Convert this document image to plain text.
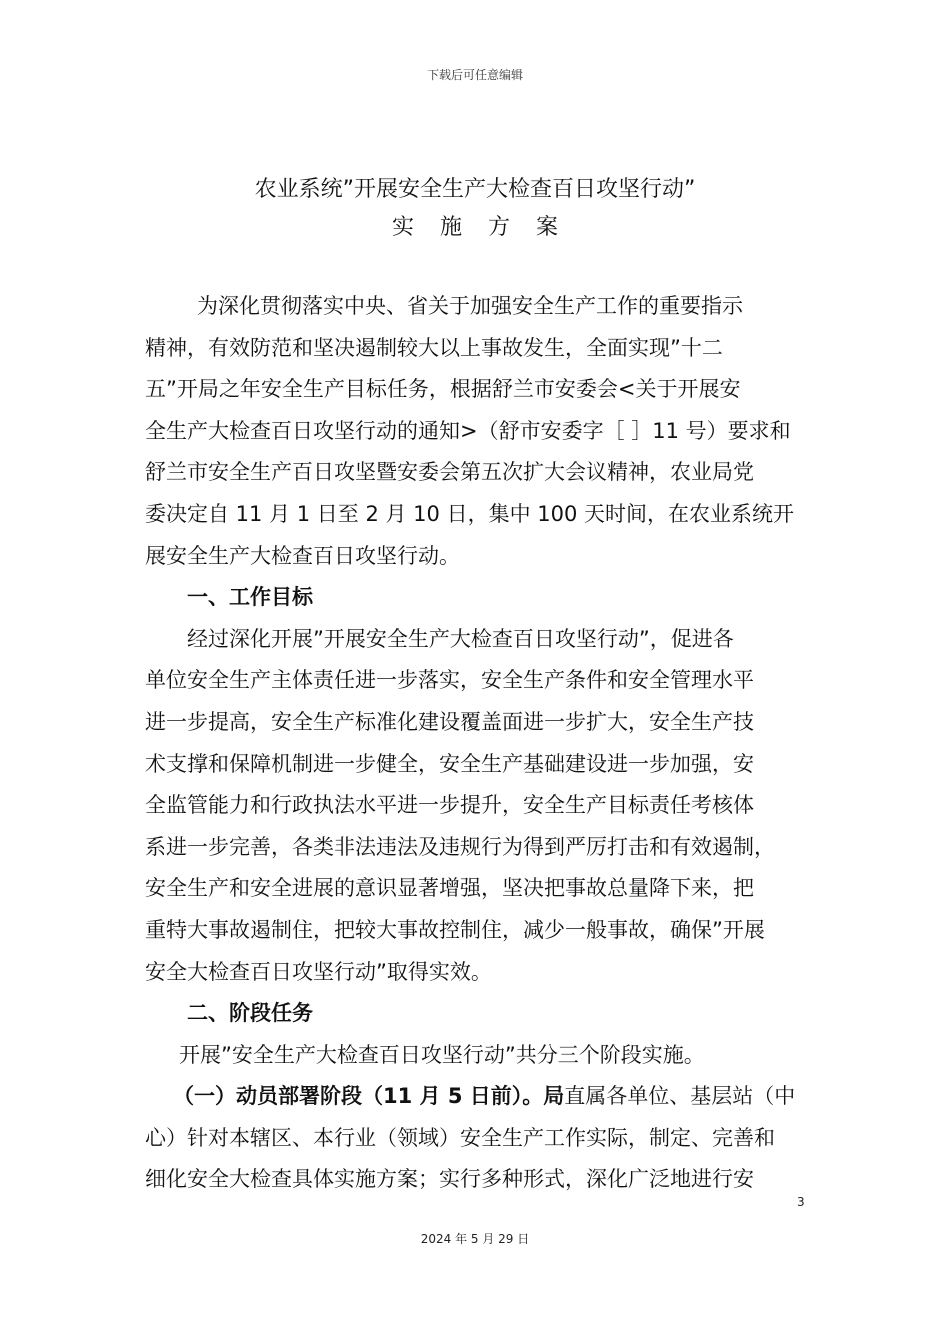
下载后可任意编辑
农业系统”开展安全生产大检查百日攻坚行动”
实施方案
为深化贯彻落实中央、省关于加强安全生产工作的重要指示
精神，有效防范和坚决遏制较大以上事故发生，全面实现”十二
五”开局之年安全生产目标任务，根据舒兰市安委会<关于开展安
全生产大检查百日攻坚行动的通知>（舒市安委字［ ］11 号）要求和
舒兰市安全生产百日攻坚暨安委会第五次扩大会议精神，农业局党
委决定自 11 月 1 日至 2 月 10 日，集中 100 天时间，在农业系统开
展安全生产大检查百日攻坚行动。
一、工作目标
经过深化开展”开展安全生产大检查百日攻坚行动”，促进各
单位安全生产主体责任进一步落实，安全生产条件和安全管理水平
进一步提高，安全生产标准化建设覆盖面进一步扩大，安全生产技
术支撑和保障机制进一步健全，安全生产基础建设进一步加强，安
全监管能力和行政执法水平进一步提升，安全生产目标责任考核体
系进一步完善，各类非法违法及违规行为得到严厉打击和有效遏制，
安全生产和安全进展的意识显著增强，坚决把事故总量降下来，把
重特大事故遏制住，把较大事故控制住，减少一般事故，确保”开展
安全大检查百日攻坚行动”取得实效。
二、阶段任务
开展”安全生产大检查百日攻坚行动”共分三个阶段实施。
（一）动员部署阶段（11 月 5 日前）。局直属各单位、基层站（中
心）针对本辖区、本行业（领域）安全生产工作实际，制定、完善和
细化安全大检查具体实施方案；实行多种形式，深化广泛地进行安
3
2024 年 5 月 29 日
